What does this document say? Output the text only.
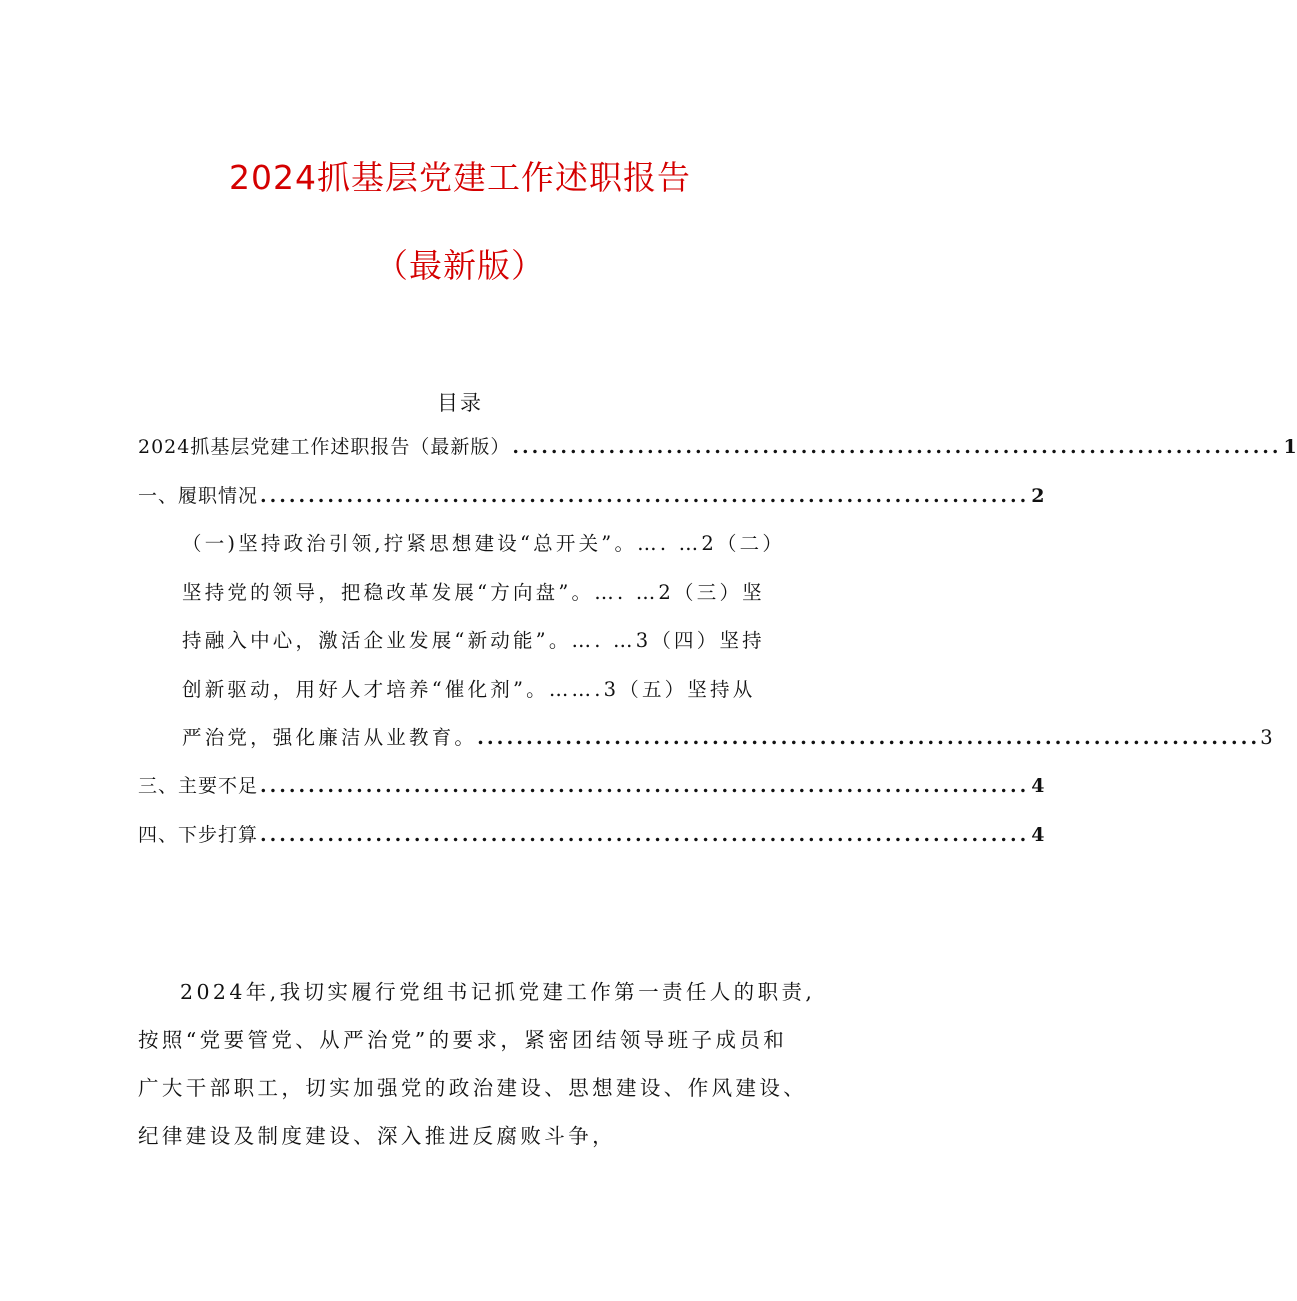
2024抓基层党建工作述职报告
（最新版）
目录
2024抓基层党建工作述职报告（最新版） ................................................................................ 1
一、履职情况 ................................................................................ 2
三、主要不足 ................................................................................ 4
四、下步打算 ................................................................................ 4
（一)坚持政治引领,拧紧思想建设“总开关”。…. …2（二）
坚持党的领导，把稳改革发展“方向盘”。…. …2（三）坚
持融入中心，激活企业发展“新动能”。…. …3（四）坚持
创新驱动，用好人才培养“催化剂”。…….3（五）坚持从
严治党，强化廉洁从业教育。 ................................................................................ 3
2024年,我切实履行党组书记抓党建工作第一责任人的职责,
按照“党要管党、从严治党”的要求，紧密团结领导班子成员和
广大干部职工，切实加强党的政治建设、思想建设、作风建设、
纪律建设及制度建设、深入推进反腐败斗争，
